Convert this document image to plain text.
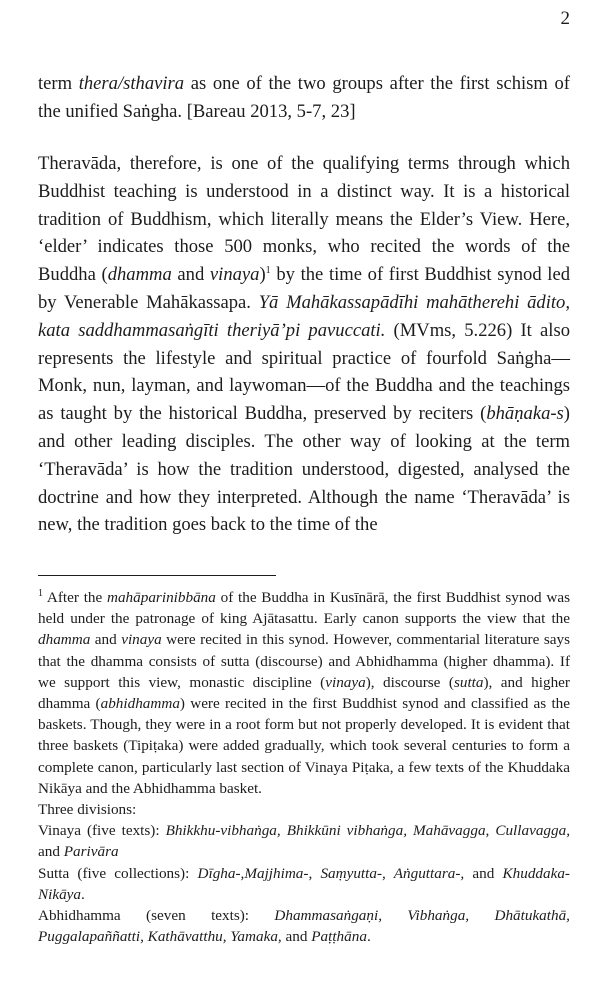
2

term thera/sthavira as one of the two groups after the first schism of the unified Saṅgha. [Bareau 2013, 5-7, 23]

Theravāda, therefore, is one of the qualifying terms through which Buddhist teaching is understood in a distinct way. It is a historical tradition of Buddhism, which literally means the Elder’s View. Here, ‘elder’ indicates those 500 monks, who recited the words of the Buddha (dhamma and vinaya)$^1$ by the time of first Buddhist synod led by Venerable Mahākassapa. Yā Mahākassapādīhi mahātherehi ādito, kata saddhammasaṅgīti theriyā’pi pavuccati. (MVms, 5.226) It also represents the lifestyle and spiritual practice of fourfold Saṅgha—Monk, nun, layman, and laywoman—of the Buddha and the teachings as taught by the historical Buddha, preserved by reciters (bhāṇaka-s) and other leading disciples. The other way of looking at the term ‘Theravāda’ is how the tradition understood, digested, analysed the doctrine and how they interpreted. Although the name ‘Theravāda’ is new, the tradition goes back to the time of the

$^1$ After the mahāparinibbāna of the Buddha in Kusīnārā, the first Buddhist synod was held under the patronage of king Ajātasattu. Early canon supports the view that the dhamma and vinaya were recited in this synod. However, commentarial literature says that the dhamma consists of sutta (discourse) and Abhidhamma (higher dhamma). If we support this view, monastic discipline (vinaya), discourse (sutta), and higher dhamma (abhidhamma) were recited in the first Buddhist synod and classified as the baskets. Though, they were in a root form but not properly developed. It is evident that three baskets (Tipiṭaka) were added gradually, which took several centuries to form a complete canon, particularly last section of Vinaya Piṭaka, a few texts of the Khuddaka Nikāya and the Abhidhamma basket.

Three divisions:

Vinaya (five texts): Bhikkhu-vibhaṅga, Bhikkūni vibhaṅga, Mahāvagga, Cullavagga, and Parivāra

Sutta (five collections): Dīgha-,Majjhima-, Saṃyutta-, Aṅguttara-, and Khuddaka-Nikāya.

Abhidhamma (seven texts): Dhammasaṅgaṇi, Vibhaṅga, Dhātukathā, Puggalapaññatti, Kathāvatthu, Yamaka, and Paṭṭhāna.
